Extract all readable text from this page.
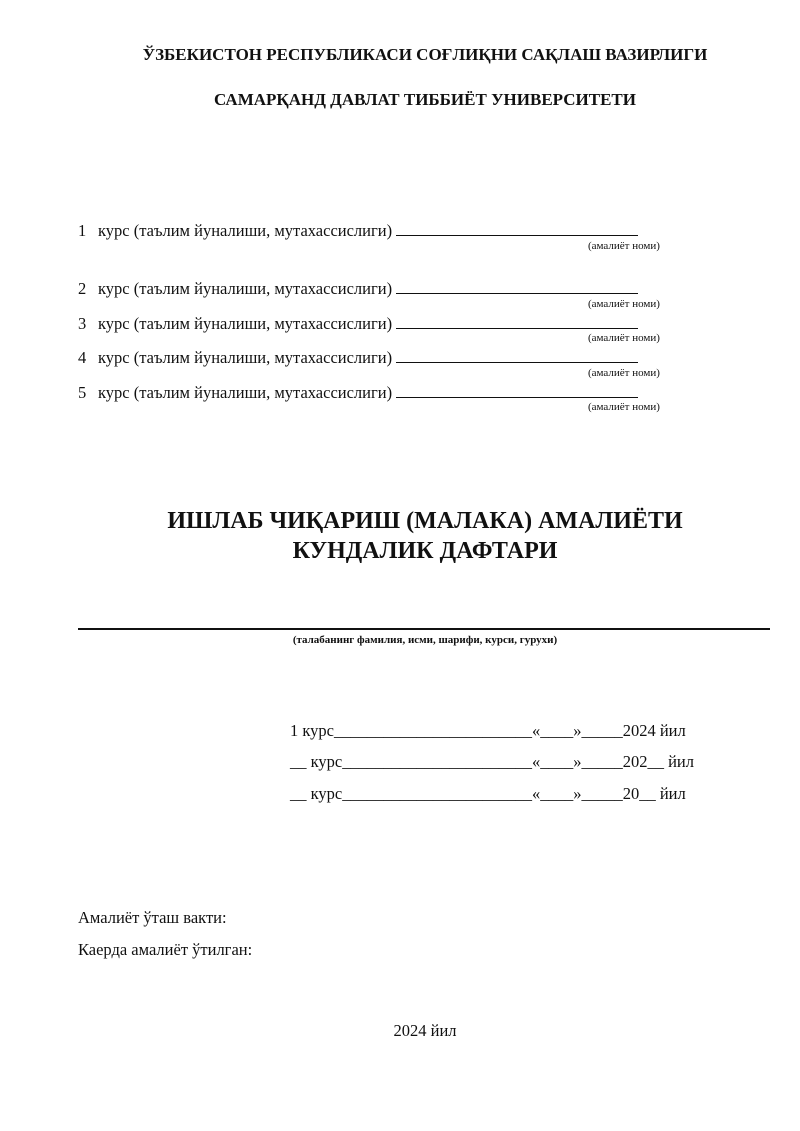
ЎЗБЕКИСТОН РЕСПУБЛИКАСИ СОҒЛИҚНИ САҚЛАШ ВАЗИРЛИГИ
САМАРҚАНД ДАВЛАТ ТИББИЁТ УНИВЕРСИТЕТИ
1 курс (таълим йуналиши, мутахассислиги)
(амалиёт номи)
2 курс (таълим йуналиши, мутахассислиги)
(амалиёт номи)
3 курс (таълим йуналиши, мутахассислиги)
(амалиёт номи)
4 курс (таълим йуналиши, мутахассислиги)
(амалиёт номи)
5 курс (таълим йуналиши, мутахассислиги)
(амалиёт номи)
ИШЛАБ ЧИҚАРИШ (МАЛАКА) АМАЛИЁТИ
КУНДАЛИК ДАФТАРИ
(талабанинг фамилия, исми, шарифи, курси, гурухи)
1 курс________________________«____»_____2024 йил
__ курс_______________________«____»_____202__ йил
__ курс_______________________«____»_____20__ йил
Амалиёт ўташ вакти:
Каерда амалиёт ўтилган:
2024 йил
